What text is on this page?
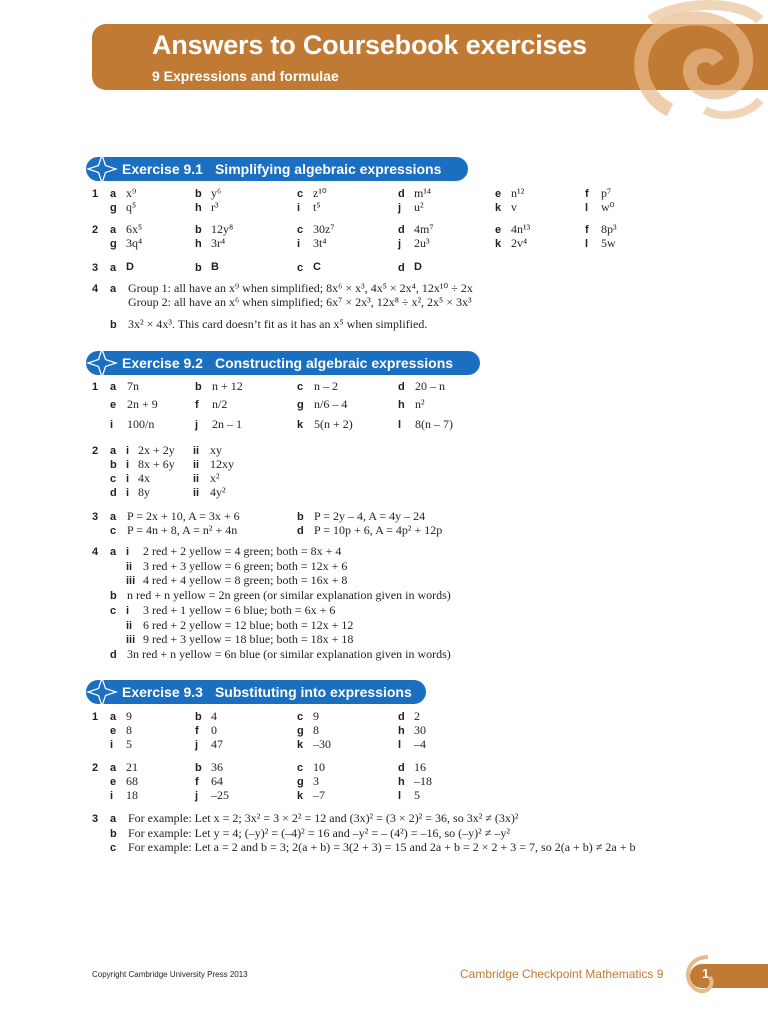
Answers to Coursebook exercises
9 Expressions and formulae
Exercise 9.1 Simplifying algebraic expressions
1 a x⁹	b y⁶	c z¹⁰	d m¹⁴	e n¹²	f p⁷
g q⁵	h r³	i t⁵	j u²	k v	l w⁰
2 a 6x⁵	b 12y⁸	c 30z⁷	d 4m⁷	e 4n¹³	f 8p³
g 3q⁴	h 3r⁴	i 3t⁴	j 2u³	k 2v⁴	l 5w
3 a D	b B	c C	d D
4 a Group 1: all have an x⁹ when simplified; 8x⁶ × x³, 4x⁵ × 2x⁴, 12x¹⁰ ÷ 2x
Group 2: all have an x⁶ when simplified; 6x⁷ × 2x³, 12x⁸ ÷ x², 2x⁵ × 3x³
b 3x² × 4x³. This card doesn’t fit as it has an x⁵ when simplified.
Exercise 9.2 Constructing algebraic expressions
1 a 7n	b n + 12	c n – 2	d 20 – n
e 2n + 9	f n/2	g n/6 – 4	h n²
i 100/n	j 2n – 1	k 5(n + 2)	l 8(n – 7)
2 a i 2x + 2y ii xy
b i 8x + 6y ii 12xy
c i 4x	ii x²
d i 8y	ii 4y²
3 a P = 2x + 10, A = 3x + 6	b P = 2y – 4, A = 4y – 24
c P = 4n + 8, A = n² + 4n	d P = 10p + 6, A = 4p² + 12p
4 a i 2 red + 2 yellow = 4 green; both = 8x + 4
ii 3 red + 3 yellow = 6 green; both = 12x + 6
iii 4 red + 4 yellow = 8 green; both = 16x + 8
b n red + n yellow = 2n green (or similar explanation given in words)
c i 3 red + 1 yellow = 6 blue; both = 6x + 6
ii 6 red + 2 yellow = 12 blue; both = 12x + 12
iii 9 red + 3 yellow = 18 blue; both = 18x + 18
d 3n red + n yellow = 6n blue (or similar explanation given in words)
Exercise 9.3 Substituting into expressions
1 a 9	b 4	c 9	d 2
e 8	f 0	g 8	h 30
i 5	j 47	k –30	l –4
2 a 21	b 36	c 10	d 16
e 68	f 64	g 3	h –18
i 18	j –25	k –7	l 5
3 a For example: Let x = 2; 3x² = 3 × 2² = 12 and (3x)² = (3 × 2)² = 36, so 3x² ≠ (3x)²
b For example: Let y = 4; (–y)² = (–4)² = 16 and –y² = – (4²) = –16, so (–y)² ≠ –y²
c For example: Let a = 2 and b = 3; 2(a + b) = 3(2 + 3) = 15 and 2a + b = 2 × 2 + 3 = 7, so 2(a + b) ≠ 2a + b
Copyright Cambridge University Press 2013	Cambridge Checkpoint Mathematics 9	1
